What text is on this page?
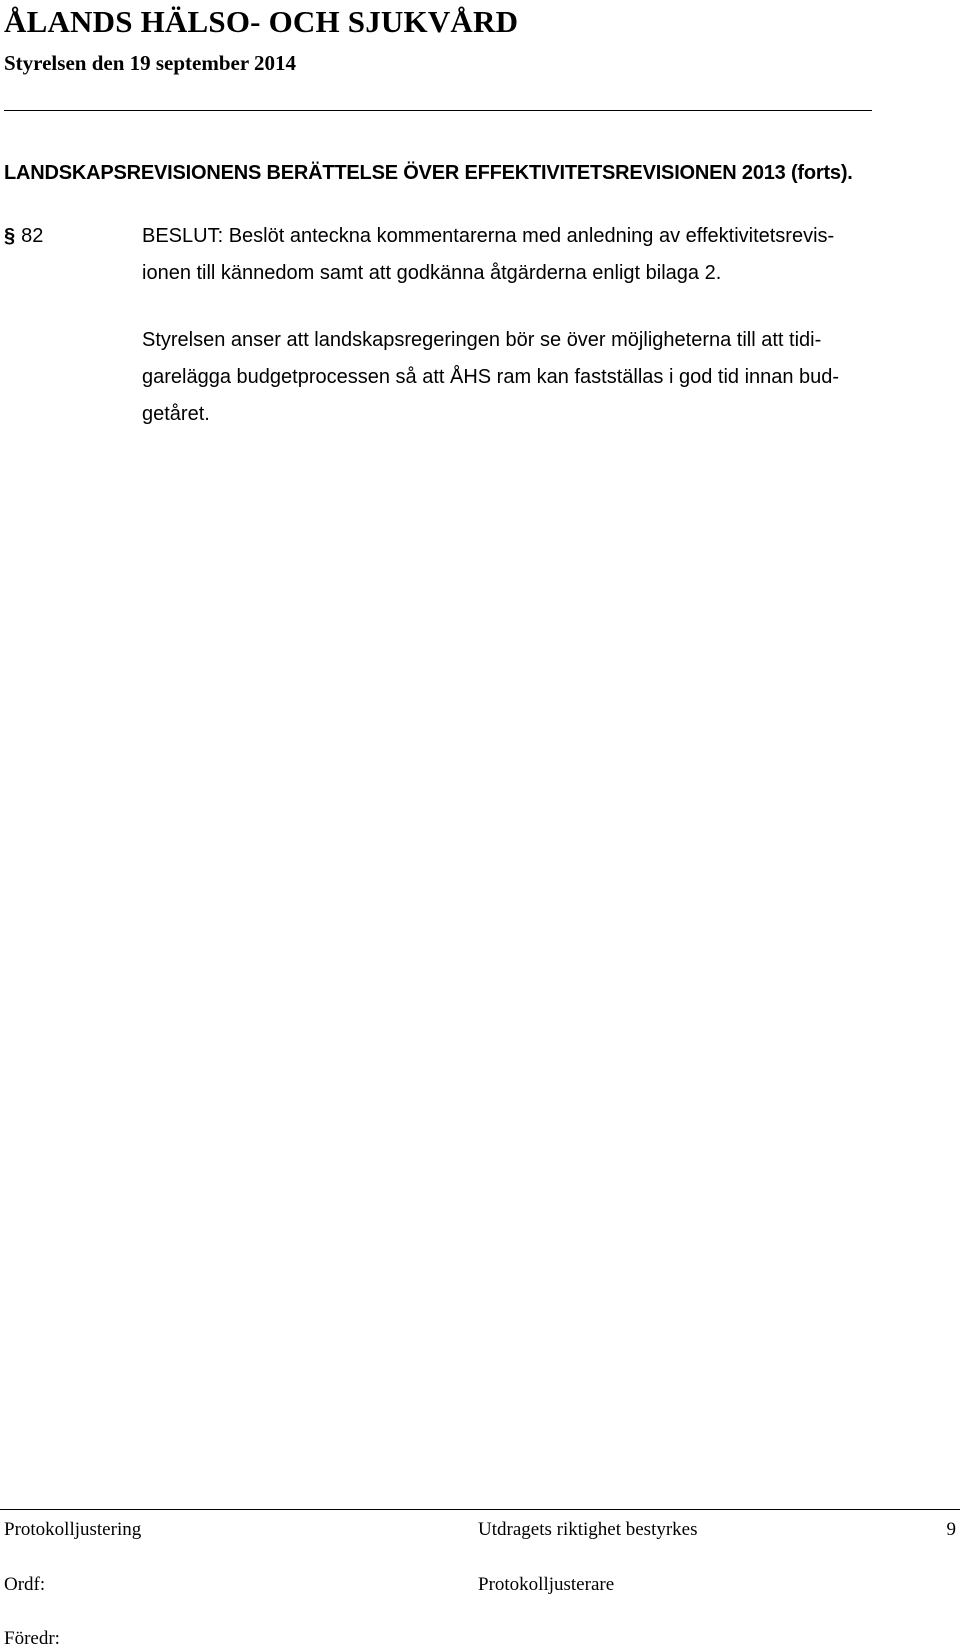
ÅLANDS HÄLSO- OCH SJUKVÅRD
Styrelsen den 19 september 2014
LANDSKAPSREVISIONENS BERÄTTELSE ÖVER EFFEKTIVITETSREVISIONEN 2013 (forts).
§ 82	BESLUT: Beslöt anteckna kommentarerna med anledning av effektivitetsrevis-
ionen till kännedom samt att godkänna åtgärderna enligt bilaga 2.
Styrelsen anser att landskapsregeringen bör se över möjligheterna till att tidi-
garelägga budgetprocessen så att ÅHS ram kan fastställas i god tid innan bud-
getåret.
Protokolljustering	Utdragets riktighet bestyrkes	9
Ordf:	Protokolljusterare
Föredr:
